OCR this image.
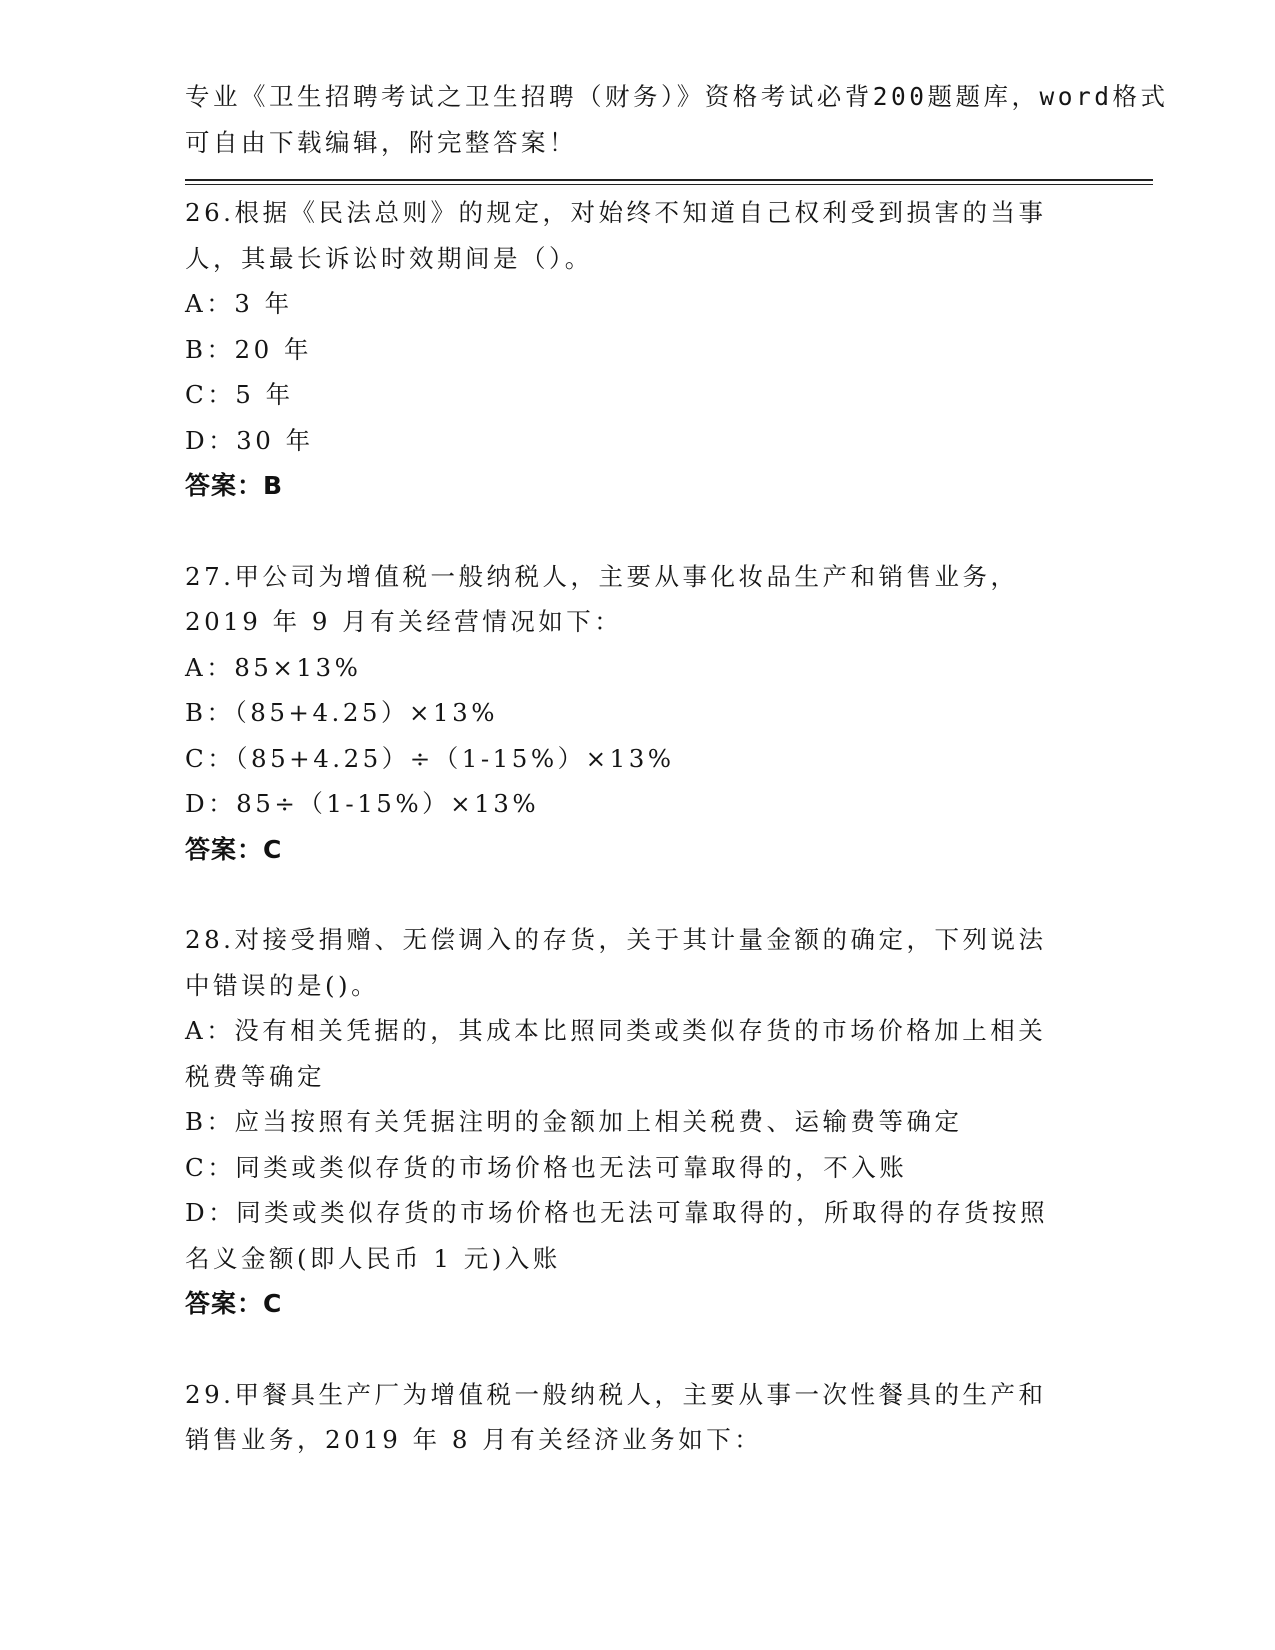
专业《卫生招聘考试之卫生招聘（财务）》资格考试必背200题题库，word格式
可自由下载编辑，附完整答案！
26.根据《民法总则》的规定，对始终不知道自己权利受到损害的当事
人，其最长诉讼时效期间是（）。
A：3 年
B：20 年
C：5 年
D：30 年
答案：B
27.甲公司为增值税一般纳税人，主要从事化妆品生产和销售业务，
2019 年 9 月有关经营情况如下：
A：85×13%
B：（85+4.25）×13%
C：（85+4.25）÷（1-15%）×13%
D：85÷（1-15%）×13%
答案：C
28.对接受捐赠、无偿调入的存货，关于其计量金额的确定，下列说法
中错误的是()。
A：没有相关凭据的，其成本比照同类或类似存货的市场价格加上相关
税费等确定
B：应当按照有关凭据注明的金额加上相关税费、运输费等确定
C：同类或类似存货的市场价格也无法可靠取得的，不入账
D：同类或类似存货的市场价格也无法可靠取得的，所取得的存货按照
名义金额(即人民币 1 元)入账
答案：C
29.甲餐具生产厂为增值税一般纳税人，主要从事一次性餐具的生产和
销售业务，2019 年 8 月有关经济业务如下：
